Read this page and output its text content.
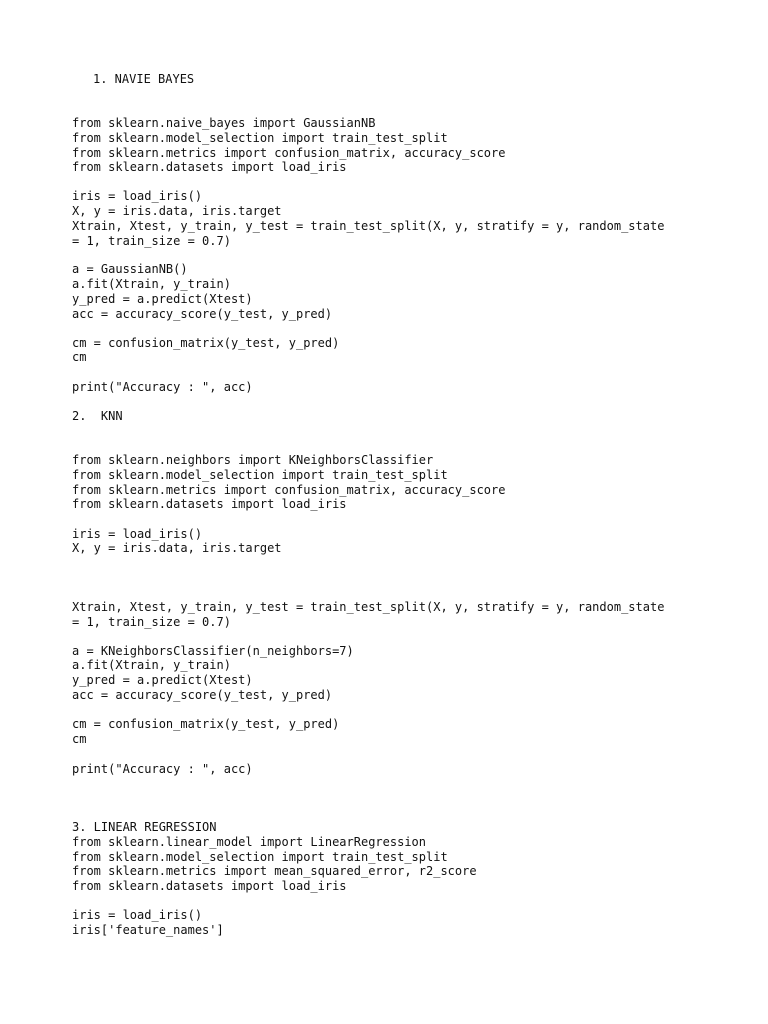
1. NAVIE BAYES

from sklearn.naive_bayes import GaussianNB

from sklearn.model_selection import train_test_split

from sklearn.metrics import confusion_matrix, accuracy_score

from sklearn.datasets import load_iris

iris = load_iris()

X, y = iris.data, iris.target

Xtrain, Xtest, y_train, y_test = train_test_split(X, y, stratify = y, random_state

= 1, train_size = 0.7)

a = GaussianNB()

a.fit(Xtrain, y_train)

y_pred = a.predict(Xtest)

acc = accuracy_score(y_test, y_pred)

cm = confusion_matrix(y_test, y_pred)

cm

print("Accuracy : ", acc)

2.  KNN

from sklearn.neighbors import KNeighborsClassifier

from sklearn.model_selection import train_test_split

from sklearn.metrics import confusion_matrix, accuracy_score

from sklearn.datasets import load_iris

iris = load_iris()

X, y = iris.data, iris.target

Xtrain, Xtest, y_train, y_test = train_test_split(X, y, stratify = y, random_state

= 1, train_size = 0.7)

a = KNeighborsClassifier(n_neighbors=7)

a.fit(Xtrain, y_train)

y_pred = a.predict(Xtest)

acc = accuracy_score(y_test, y_pred)

cm = confusion_matrix(y_test, y_pred)

cm

print("Accuracy : ", acc)

3. LINEAR REGRESSION

from sklearn.linear_model import LinearRegression

from sklearn.model_selection import train_test_split

from sklearn.metrics import mean_squared_error, r2_score

from sklearn.datasets import load_iris

iris = load_iris()

iris['feature_names']
